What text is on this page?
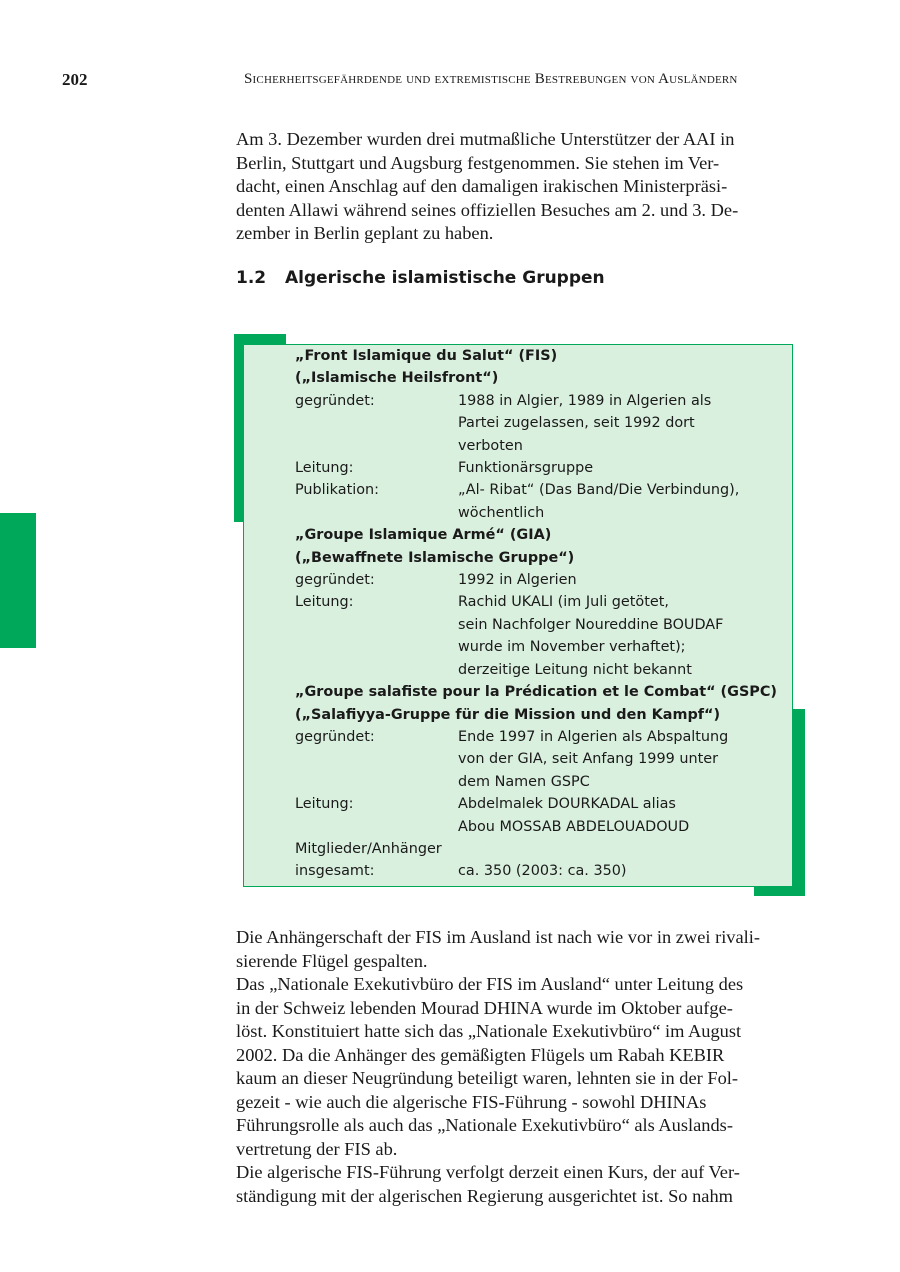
202	Sicherheitsgefährdende und extremistische Bestrebungen von Ausländern

Am 3. Dezember wurden drei mutmaßliche Unterstützer der AAI in
Berlin, Stuttgart und Augsburg festgenommen. Sie stehen im Ver-
dacht, einen Anschlag auf den damaligen irakischen Ministerpräsi-
denten Allawi während seines offiziellen Besuches am 2. und 3. De-
zember in Berlin geplant zu haben.

1.2 Algerische islamistische Gruppen
„Front Islamique du Salut“ (FIS)
(„Islamische Heilsfront“)
gegründet:	1988 in Algier, 1989 in Algerien als
Partei zugelassen, seit 1992 dort
verboten
Leitung:	Funktionärsgruppe
Publikation:	„Al- Ribat“ (Das Band/Die Verbindung),
wöchentlich
„Groupe Islamique Armé“ (GIA)
(„Bewaffnete Islamische Gruppe“)
gegründet:	1992 in Algerien
Leitung:	Rachid UKALI (im Juli getötet,
sein Nachfolger Noureddine BOUDAF
wurde im November verhaftet);
derzeitige Leitung nicht bekannt
„Groupe salafiste pour la Prédication et le Combat“ (GSPC)
(„Salafiyya-Gruppe für die Mission und den Kampf“)
gegründet:	Ende 1997 in Algerien als Abspaltung
von der GIA, seit Anfang 1999 unter
dem Namen GSPC
Leitung:	Abdelmalek DOURKADAL alias
Abou MOSSAB ABDELOUADOUD
Mitglieder/Anhänger
insgesamt:	ca. 350 (2003: ca. 350)

Die Anhängerschaft der FIS im Ausland ist nach wie vor in zwei rivali-
sierende Flügel gespalten.

Das „Nationale Exekutivbüro der FIS im Ausland“ unter Leitung des
in der Schweiz lebenden Mourad DHINA wurde im Oktober aufge-
löst. Konstituiert hatte sich das „Nationale Exekutivbüro“ im August
2002. Da die Anhänger des gemäßigten Flügels um Rabah KEBIR
kaum an dieser Neugründung beteiligt waren, lehnten sie in der Fol-
gezeit - wie auch die algerische FIS-Führung - sowohl DHINAs
Führungsrolle als auch das „Nationale Exekutivbüro“ als Auslands-
vertretung der FIS ab.

Die algerische FIS-Führung verfolgt derzeit einen Kurs, der auf Ver-
ständigung mit der algerischen Regierung ausgerichtet ist. So nahm
